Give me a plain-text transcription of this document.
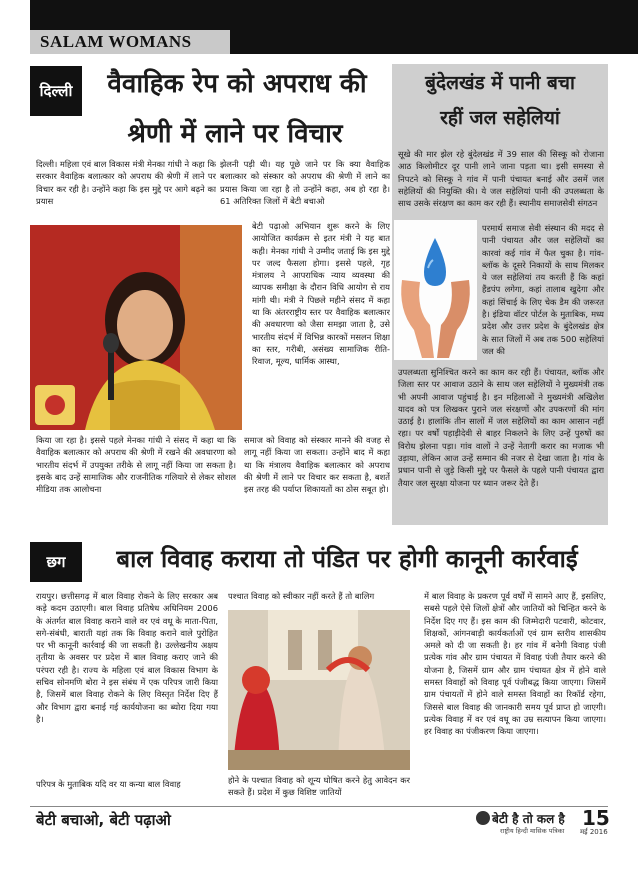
SALAM WOMANS
दिल्ली	वैवाहिक रेप को अपराध की
श्रेणी में लाने पर विचार
दिल्ली। महिला एवं बाल विकास मंत्री मेनका गांधी ने कहा कि सरकार वैवाहिक बलात्कार को अपराध की श्रेणी में लाने पर विचार कर रही है। उन्होंने कहा कि इस मुद्दे पर आगे बढ़ने का प्रयास
किया जा रहा है। इससे पहले मेनका गांधी ने संसद में कहा था कि वैवाहिक बलात्कार को अपराध की श्रेणी में रखने की अवधारणा को भारतीय संदर्भ में उपयुक्त तरीके से लागू नहीं किया जा सकता है। इसके बाद उन्हें सामाजिक और राजनीतिक गलियारे से लेकर सोशल मीडिया तक आलोचना
झेलनी पड़ी थी। यह पूछे जाने पर कि क्या वैवाहिक बलात्कार को संस्कार को अपराध की श्रेणी में लाने का प्रयास किया जा रहा है तो उन्होंने कहा, अब हो रहा है। 61 अतिरिक्त जिलों में बेटी बचाओ
बेटी पढ़ाओ अभियान शुरू करने के लिए आयोजित कार्यक्रम से इतर मंत्री ने यह बात कही। मेनका गांधी ने उम्मीद जताई कि इस मुद्दे पर जल्द फैसला होगा। इससे पहले, गृह मंत्रालय ने आपराधिक न्याय व्यवस्था की व्यापक समीक्षा के दौरान विधि आयोग से राय मांगी थी। मंत्री ने पिछले महीने संसद में कहा था कि अंतरराष्ट्रीय स्तर पर वैवाहिक बलात्कार की अवधारणा को जैसा समझा जाता है, उसे भारतीय संदर्भ में विभिन्न कारकों मसलन शिक्षा का स्तर, गरीबी, असंख्य सामाजिक रीति-रिवाज, मूल्य, धार्मिक आस्था,
समाज को विवाह को संस्कार मानने की वजह से लागू नहीं किया जा सकता। उन्होंने बाद में कहा था कि मंत्रालय वैवाहिक बलात्कार को अपराध की श्रेणी में लाने पर विचार कर सकता है, बशर्ते इस तरह की पर्याप्त शिकायतों का ठोस सबूत हो।
बुंदेलखंड में पानी बचा
रहीं जल सहेलियां
सूखे की मार झेल रहे बुंदेलखंड में 39 साल की सिस्कू को रोजाना आठ किलोमीटर दूर पानी लाने जाना पड़ता था। इसी समस्या से निपटने को सिस्कू ने गांव में पानी पंचायत बनाई और उसमें जल सहेलियों की नियुक्ति की। ये जल सहेलियां पानी की उपलब्धता के साथ उसके संरक्षण का काम कर रही हैं। स्थानीय समाजसेवी संगठन
परमार्थ समाज सेवी संस्थान की मदद से पानी पंचायत और जल सहेलियों का कारवां कई गांव में फैल चुका है। गांव-ब्लॉक के दूसरे निकायों के साथ मिलकर ये जल सहेलियां तय करती हैं कि कहां हैंडपंप लगेगा, कहां तालाब खुदेगा और कहां सिंचाई के लिए चेक डैम की जरूरत है। इंडिया वॉटर पोर्टल के मुताबिक, मध्य प्रदेश और उत्तर प्रदेश के बुंदेलखंड क्षेत्र के सात जिलों में अब तक 500 सहेलियां जल की
उपलब्धता सुनिश्चित करने का काम कर रही हैं। पंचायत, ब्लॉक और जिला स्तर पर आवाज उठाने के साथ जल सहेलियों ने मुख्यमंत्री तक भी अपनी आवाज पहुंचाई है। इन महिलाओं ने मुख्यमंत्री अखिलेश यादव को पत्र लिखकर पुराने जल संरक्षणों और उपकरणों की मांग उठाई है। हालांकि तीन सालों में जल सहेलियों का काम आसान नहीं रहा। पर वर्षों पहाड़ीदेवी से बाहर निकलने के लिए उन्हें पुरुषों का विरोध झेलना पड़ा। गांव वालों ने उन्हें नेतागी करार का मजाक भी उड़ाया, लेकिन आज उन्हें सम्मान की नजर से देखा जाता है। गांव के प्रधान पानी से जुड़े किसी मुद्दे पर फैसले के पहले पानी पंचायत द्वारा तैयार जल सुरक्षा योजना पर ध्यान जरूर देते हैं।
छग	बाल विवाह कराया तो पंडित पर होगी कानूनी कार्रवाई
रायपुर। छत्तीसगढ़ में बाल विवाह रोकने के लिए सरकार अब कड़े कदम उठाएगी। बाल विवाह प्रतिषेध अधिनियम 2006 के अंतर्गत बाल विवाह कराने वाले वर एवं वधू के माता-पिता, सगे-संबंधी, बाराती यहां तक कि विवाह कराने वाले पुरोहित पर भी कानूनी कार्रवाई की जा सकती है। उल्लेखनीय अक्षय तृतीया के अवसर पर प्रदेश में बाल विवाह कराए जाने की परंपरा रही है। राज्य के महिला एवं बाल विकास विभाग के सचिव सोनमणि बोरा ने इस संबंध में एक परिपत्र जारी किया है, जिसमें बाल विवाह रोकने के लिए विस्तृत निर्देश दिए हैं और विभाग द्वारा बनाई गई कार्ययोजना का ब्योरा दिया गया है।
परिपत्र के मुताबिक यदि वर या कन्या बाल विवाह
पश्चात विवाह को स्वीकार नहीं करते हैं तो बालिग
होने के पश्चात विवाह को शून्य घोषित करने हेतु आवेदन कर सकते हैं। प्रदेश में कुछ विशिष्ट जातियों
में बाल विवाह के प्रकरण पूर्व वर्षों में सामने आए हैं, इसलिए, सबसे पहले ऐसे जिलों क्षेत्रों और जातियों को चिन्हित करने के निर्देश दिए गए हैं। इस काम की जिम्मेदारी पटवारी, कोटवार, शिक्षकों, आंगनबाड़ी कार्यकर्ताओं एवं ग्राम स्तरीय शासकीय अमले को दी जा सकती है। हर गांव में बनेगी विवाह पंजी प्रत्येक गांव और ग्राम पंचायत में विवाह पंजी तैयार करने की योजना है, जिसमें ग्राम और ग्राम पंचायत क्षेत्र में होने वाले समस्त विवाहों को विवाह पूर्व पंजीबद्ध किया जाएगा। जिसमें ग्राम पंचायतों में होने वाले समस्त विवाहों का रिकॉर्ड रहेगा, जिससे बाल विवाह की जानकारी समय पूर्व प्राप्त हो जाएगी। प्रत्येक विवाह में वर एवं वधू का उम्र सत्यापन किया जाएगा। हर विवाह का पंजीकरण किया जाएगा।
बेटी बचाओ, बेटी पढ़ाओ	बेटी है तो कल है
राष्ट्रीय हिन्दी मासिक पत्रिका
15
मई 2016
